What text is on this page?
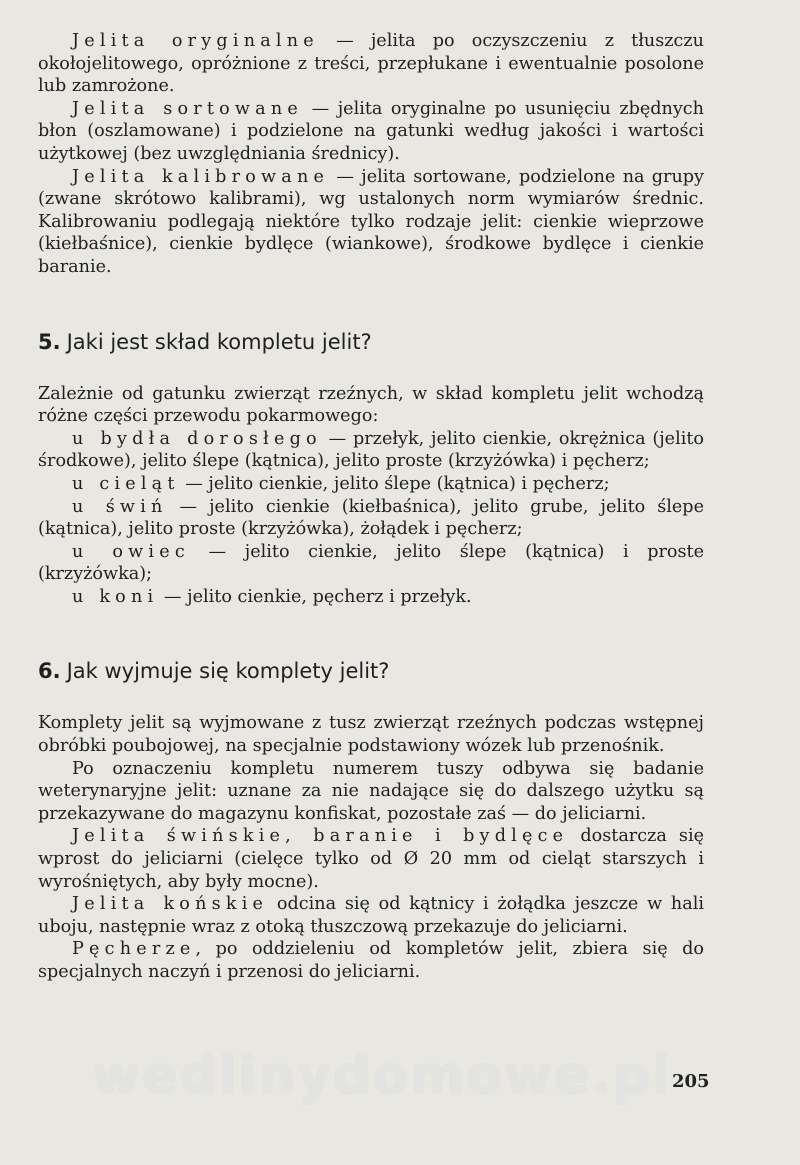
Jelita oryginalne — jelita po oczyszczeniu z tłuszczu okołojelitowego, opróżnione z treści, przepłukane i ewentualnie posolone lub zamrożone.

Jelita sortowane — jelita oryginalne po usunięciu zbędnych błon (oszlamowane) i podzielone na gatunki według jakości i wartości użytkowej (bez uwzględniania średnicy).

Jelita kalibrowane — jelita sortowane, podzielone na grupy (zwane skrótowo kalibrami), wg ustalonych norm wymiarów średnic. Kalibrowaniu podlegają niektóre tylko rodzaje jelit: cienkie wieprzowe (kiełbaśnice), cienkie bydlęce (wiankowe), środkowe bydlęce i cienkie baranie.

5. Jaki jest skład kompletu jelit?

Zależnie od gatunku zwierząt rzeźnych, w skład kompletu jelit wchodzą różne części przewodu pokarmowego:

u bydła dorosłego — przełyk, jelito cienkie, okrężnica (jelito środkowe), jelito ślepe (kątnica), jelito proste (krzyżówka) i pęcherz;

u cieląt — jelito cienkie, jelito ślepe (kątnica) i pęcherz;

u świń — jelito cienkie (kiełbaśnica), jelito grube, jelito ślepe (kątnica), jelito proste (krzyżówka), żołądek i pęcherz;

u owiec — jelito cienkie, jelito ślepe (kątnica) i proste (krzyżówka);

u koni — jelito cienkie, pęcherz i przełyk.

6. Jak wyjmuje się komplety jelit?

Komplety jelit są wyjmowane z tusz zwierząt rzeźnych podczas wstępnej obróbki poubojowej, na specjalnie podstawiony wózek lub przenośnik.

Po oznaczeniu kompletu numerem tuszy odbywa się badanie weterynaryjne jelit: uznane za nie nadające się do dalszego użytku są przekazywane do magazynu konfiskat, pozostałe zaś — do jeliciarni.

Jelita świńskie, baranie i bydlęce dostarcza się wprost do jeliciarni (cielęce tylko od Ø 20 mm od cieląt starszych i wyrośniętych, aby były mocne).

Jelita końskie odcina się od kątnicy i żołądka jeszcze w hali uboju, następnie wraz z otoką tłuszczową przekazuje do jeliciarni.

Pęcherze, po oddzieleniu od kompletów jelit, zbiera się do specjalnych naczyń i przenosi do jeliciarni.

wedlinydomowe.pl 205
